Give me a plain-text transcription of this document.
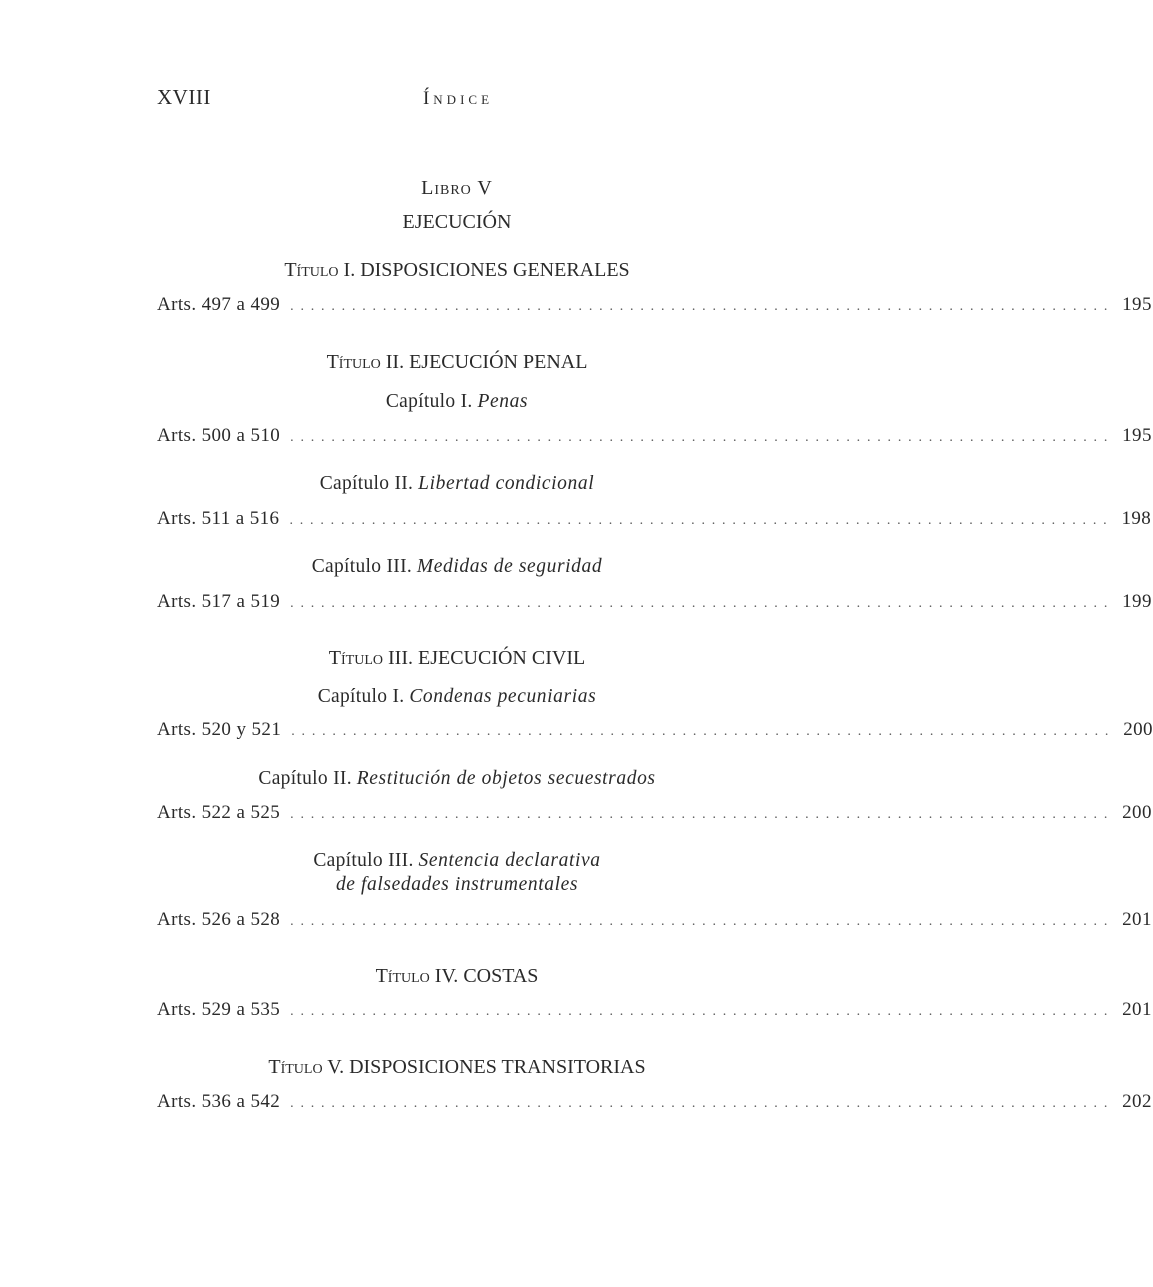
XVIII	Índice
Libro V
EJECUCIÓN
Título I. DISPOSICIONES GENERALES
Arts. 497 a 499 ................................................................................ 195
Título II. EJECUCIÓN PENAL
Capítulo I. Penas
Arts. 500 a 510 ................................................................................ 195
Capítulo II. Libertad condicional
Arts. 511 a 516 ................................................................................ 198
Capítulo III. Medidas de seguridad
Arts. 517 a 519 ................................................................................ 199
Título III. EJECUCIÓN CIVIL
Capítulo I. Condenas pecuniarias
Arts. 520 y 521 ................................................................................ 200
Capítulo II. Restitución de objetos secuestrados
Arts. 522 a 525 ................................................................................ 200
Capítulo III. Sentencia declarativa
de falsedades instrumentales
Arts. 526 a 528 ................................................................................ 201
Título IV. COSTAS
Arts. 529 a 535 ................................................................................ 201
Título V. DISPOSICIONES TRANSITORIAS
Arts. 536 a 542 ................................................................................ 202
